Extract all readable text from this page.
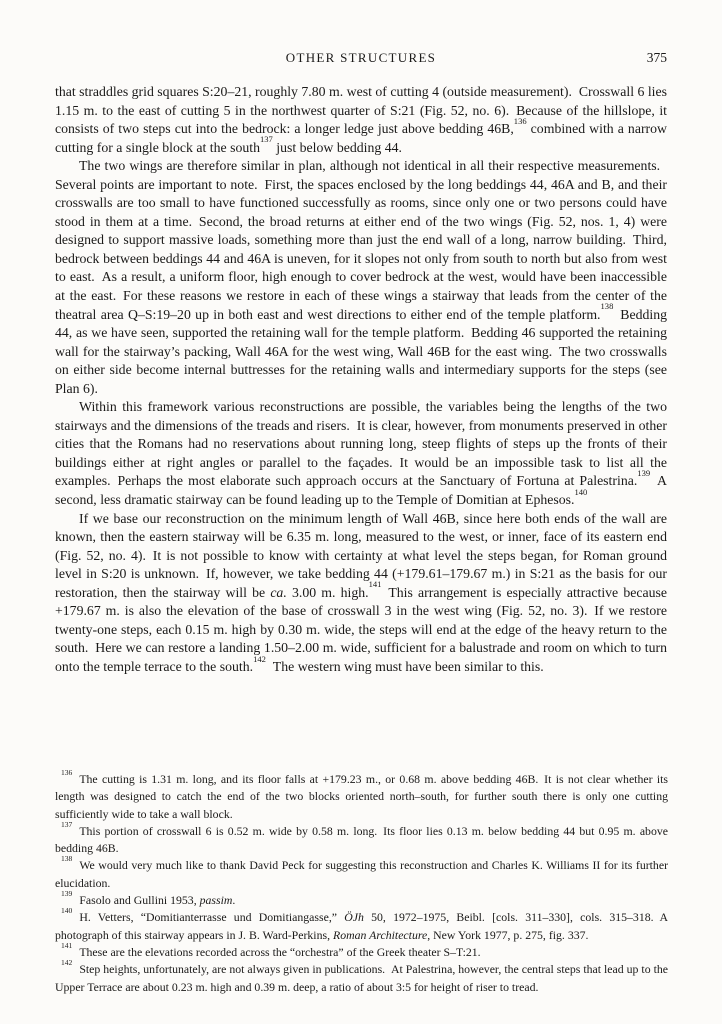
OTHER STRUCTURES	375

that straddles grid squares S:20–21, roughly 7.80 m. west of cutting 4 (outside measurement). Crosswall 6 lies 1.15 m. to the east of cutting 5 in the northwest quarter of S:21 (Fig. 52, no. 6). Because of the hillslope, it consists of two steps cut into the bedrock: a longer ledge just above bedding 46B,$^{136}$ combined with a narrow cutting for a single block at the south$^{137}$ just below bedding 44.

The two wings are therefore similar in plan, although not identical in all their respective measurements. Several points are important to note. First, the spaces enclosed by the long beddings 44, 46A and B, and their crosswalls are too small to have functioned successfully as rooms, since only one or two persons could have stood in them at a time. Second, the broad returns at either end of the two wings (Fig. 52, nos. 1, 4) were designed to support massive loads, something more than just the end wall of a long, narrow building. Third, bedrock between beddings 44 and 46A is uneven, for it slopes not only from south to north but also from west to east. As a result, a uniform floor, high enough to cover bedrock at the west, would have been inaccessible at the east. For these reasons we restore in each of these wings a stairway that leads from the center of the theatral area Q–S:19–20 up in both east and west directions to either end of the temple platform.$^{138}$ Bedding 44, as we have seen, supported the retaining wall for the temple platform. Bedding 46 supported the retaining wall for the stairway’s packing, Wall 46A for the west wing, Wall 46B for the east wing. The two crosswalls on either side become internal buttresses for the retaining walls and intermediary supports for the steps (see Plan 6).

Within this framework various reconstructions are possible, the variables being the lengths of the two stairways and the dimensions of the treads and risers. It is clear, however, from monuments preserved in other cities that the Romans had no reservations about running long, steep flights of steps up the fronts of their buildings either at right angles or parallel to the façades. It would be an impossible task to list all the examples. Perhaps the most elaborate such approach occurs at the Sanctuary of Fortuna at Palestrina.$^{139}$ A second, less dramatic stairway can be found leading up to the Temple of Domitian at Ephesos.$^{140}$

If we base our reconstruction on the minimum length of Wall 46B, since here both ends of the wall are known, then the eastern stairway will be 6.35 m. long, measured to the west, or inner, face of its eastern end (Fig. 52, no. 4). It is not possible to know with certainty at what level the steps began, for Roman ground level in S:20 is unknown. If, however, we take bedding 44 (+179.61–179.67 m.) in S:21 as the basis for our restoration, then the stairway will be ca. 3.00 m. high.$^{141}$ This arrangement is especially attractive because +179.67 m. is also the elevation of the base of crosswall 3 in the west wing (Fig. 52, no. 3). If we restore twenty-one steps, each 0.15 m. high by 0.30 m. wide, the steps will end at the edge of the heavy return to the south. Here we can restore a landing 1.50–2.00 m. wide, sufficient for a balustrade and room on which to turn onto the temple terrace to the south.$^{142}$ The western wing must have been similar to this.

$^{136}$ The cutting is 1.31 m. long, and its floor falls at +179.23 m., or 0.68 m. above bedding 46B. It is not clear whether its length was designed to catch the end of the two blocks oriented north–south, for further south there is only one cutting sufficiently wide to take a wall block.

$^{137}$ This portion of crosswall 6 is 0.52 m. wide by 0.58 m. long. Its floor lies 0.13 m. below bedding 44 but 0.95 m. above bedding 46B.

$^{138}$ We would very much like to thank David Peck for suggesting this reconstruction and Charles K. Williams II for its further elucidation.

$^{139}$ Fasolo and Gullini 1953, passim.

$^{140}$ H. Vetters, “Domitianterrasse und Domitiangasse,” ÖJh 50, 1972–1975, Beibl. [cols. 311–330], cols. 315–318. A photograph of this stairway appears in J. B. Ward-Perkins, Roman Architecture, New York 1977, p. 275, fig. 337.

$^{141}$ These are the elevations recorded across the “orchestra” of the Greek theater S–T:21.

$^{142}$ Step heights, unfortunately, are not always given in publications. At Palestrina, however, the central steps that lead up to the Upper Terrace are about 0.23 m. high and 0.39 m. deep, a ratio of about 3:5 for height of riser to tread.
